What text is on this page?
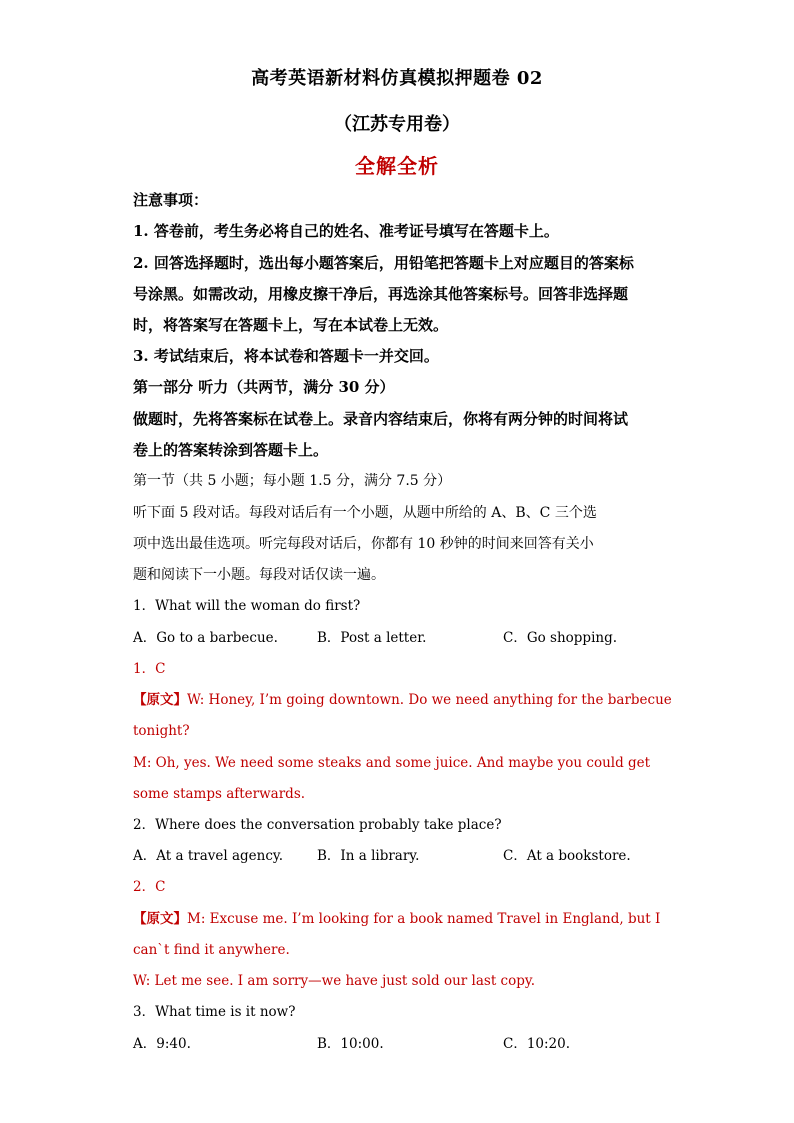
高考英语新材料仿真模拟押题卷 02
（江苏专用卷）
全解全析
注意事项：
1. 答卷前，考生务必将自己的姓名、准考证号填写在答题卡上。
2. 回答选择题时，选出每小题答案后，用铅笔把答题卡上对应题目的答案标
号涂黑。如需改动，用橡皮擦干净后，再选涂其他答案标号。回答非选择题
时，将答案写在答题卡上，写在本试卷上无效。
3. 考试结束后，将本试卷和答题卡一并交回。
第一部分 听力（共两节，满分 30 分）
做题时，先将答案标在试卷上。录音内容结束后，你将有两分钟的时间将试
卷上的答案转涂到答题卡上。
第一节（共 5 小题；每小题 1.5 分，满分 7.5 分）
听下面 5 段对话。每段对话后有一个小题，从题中所给的 A、B、C 三个选
项中选出最佳选项。听完每段对话后，你都有 10 秒钟的时间来回答有关小
题和阅读下一小题。每段对话仅读一遍。
1．What will the woman do first?
A．Go to a barbecue.	B．Post a letter.	C．Go shopping.
1．C
【原文】W: Honey, I’m going downtown. Do we need anything for the barbecue
tonight?
M: Oh, yes. We need some steaks and some juice. And maybe you could get
some stamps afterwards.
2．Where does the conversation probably take place?
A．At a travel agency.	B．In a library.	C．At a bookstore.
2．C
【原文】M: Excuse me. I’m looking for a book named Travel in England, but I
can`t find it anywhere.
W: Let me see. I am sorry—we have just sold our last copy.
3．What time is it now?
A．9:40.	B．10:00.	C．10:20.
